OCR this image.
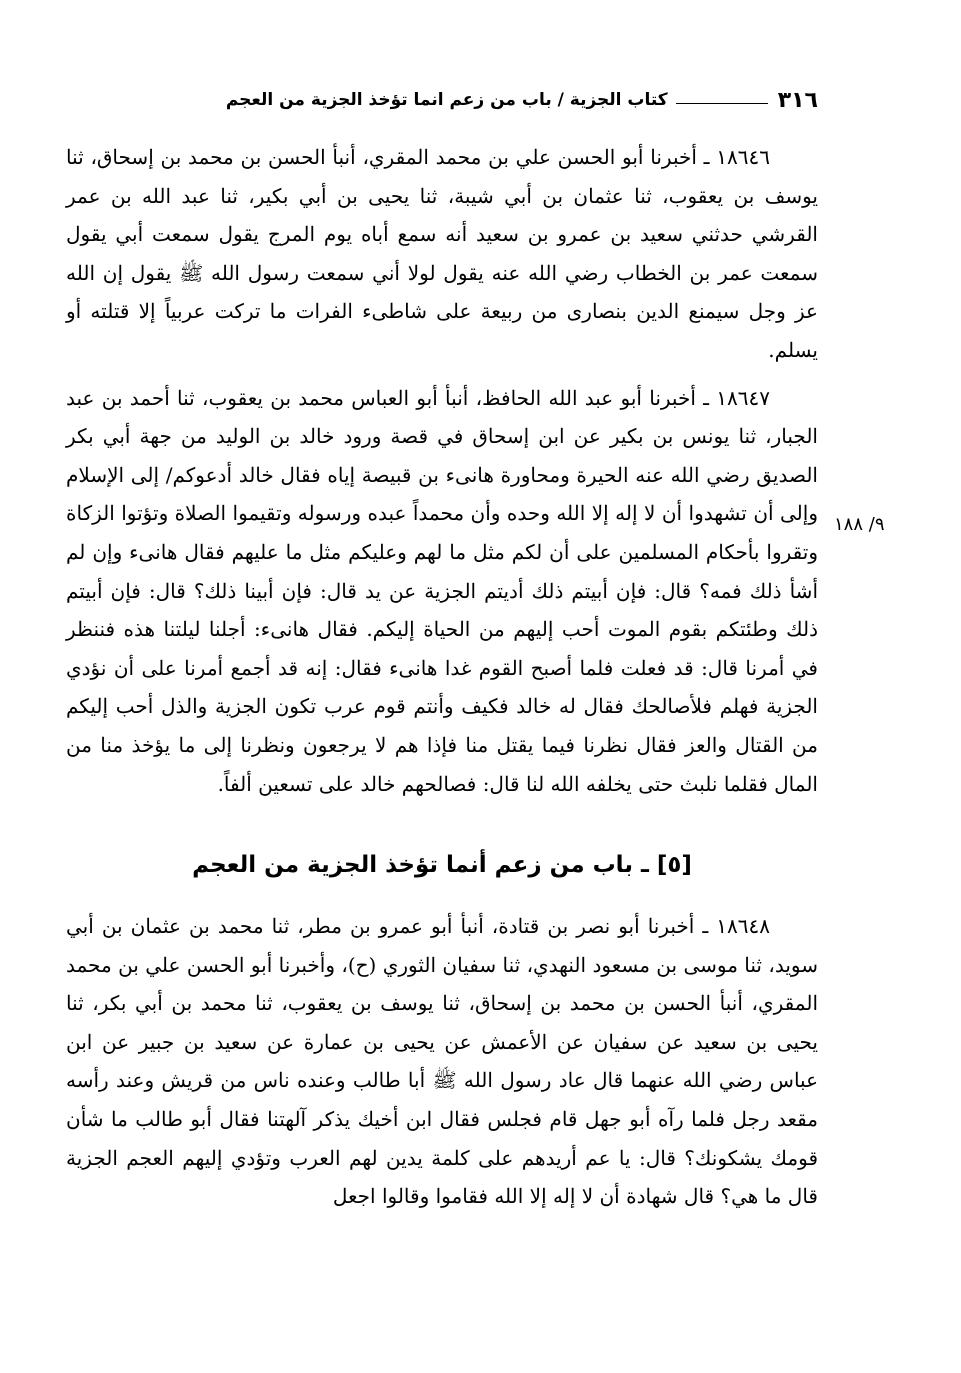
٣١٦
كتاب الجزية / باب من زعم انما تؤخذ الجزية من العجم
٩/ ١٨٨

١٨٦٤٦ ـ أخبرنا أبو الحسن علي بن محمد المقري، أنبأ الحسن بن محمد بن إسحاق، ثنا يوسف بن يعقوب، ثنا عثمان بن أبي شيبة، ثنا يحيى بن أبي بكير، ثنا عبد الله بن عمر القرشي حدثني سعيد بن عمرو بن سعيد أنه سمع أباه يوم المرج يقول سمعت أبي يقول سمعت عمر بن الخطاب رضي الله عنه يقول لولا أني سمعت رسول الله ﷺ يقول إن الله عز وجل سيمنع الدين بنصارى من ربيعة على شاطىء الفرات ما تركت عربياً إلا قتلته أو يسلم.

١٨٦٤٧ ـ أخبرنا أبو عبد الله الحافظ، أنبأ أبو العباس محمد بن يعقوب، ثنا أحمد بن عبد الجبار، ثنا يونس بن بكير عن ابن إسحاق في قصة ورود خالد بن الوليد من جهة أبي بكر الصديق رضي الله عنه الحيرة ومحاورة هانىء بن قبيصة إياه فقال خالد أدعوكم/ إلى الإسلام وإلى أن تشهدوا أن لا إله إلا الله وحده وأن محمداً عبده ورسوله وتقيموا الصلاة وتؤتوا الزكاة وتقروا بأحكام المسلمين على أن لكم مثل ما لهم وعليكم مثل ما عليهم فقال هانىء وإن لم أشأ ذلك فمه؟ قال: فإن أبيتم ذلك أديتم الجزية عن يد قال: فإن أبينا ذلك؟ قال: فإن أبيتم ذلك وطئتكم بقوم الموت أحب إليهم من الحياة إليكم. فقال هانىء: أجلنا ليلتنا هذه فننظر في أمرنا قال: قد فعلت فلما أصبح القوم غدا هانىء فقال: إنه قد أجمع أمرنا على أن نؤدي الجزية فهلم فلأصالحك فقال له خالد فكيف وأنتم قوم عرب تكون الجزية والذل أحب إليكم من القتال والعز فقال نظرنا فيما يقتل منا فإذا هم لا يرجعون ونظرنا إلى ما يؤخذ منا من المال فقلما نلبث حتى يخلفه الله لنا قال: فصالحهم خالد على تسعين ألفاً.

[٥] ـ باب من زعم أنما تؤخذ الجزية من العجم

١٨٦٤٨ ـ أخبرنا أبو نصر بن قتادة، أنبأ أبو عمرو بن مطر، ثنا محمد بن عثمان بن أبي سويد، ثنا موسى بن مسعود النهدي، ثنا سفيان الثوري (ح)، وأخبرنا أبو الحسن علي بن محمد المقري، أنبأ الحسن بن محمد بن إسحاق، ثنا يوسف بن يعقوب، ثنا محمد بن أبي بكر، ثنا يحيى بن سعيد عن سفيان عن الأعمش عن يحيى بن عمارة عن سعيد بن جبير عن ابن عباس رضي الله عنهما قال عاد رسول الله ﷺ أبا طالب وعنده ناس من قريش وعند رأسه مقعد رجل فلما رآه أبو جهل قام فجلس فقال ابن أخيك يذكر آلهتنا فقال أبو طالب ما شأن قومك يشكونك؟ قال: يا عم أريدهم على كلمة يدين لهم العرب وتؤدي إليهم العجم الجزية قال ما هي؟ قال شهادة أن لا إله إلا الله فقاموا وقالوا اجعل
